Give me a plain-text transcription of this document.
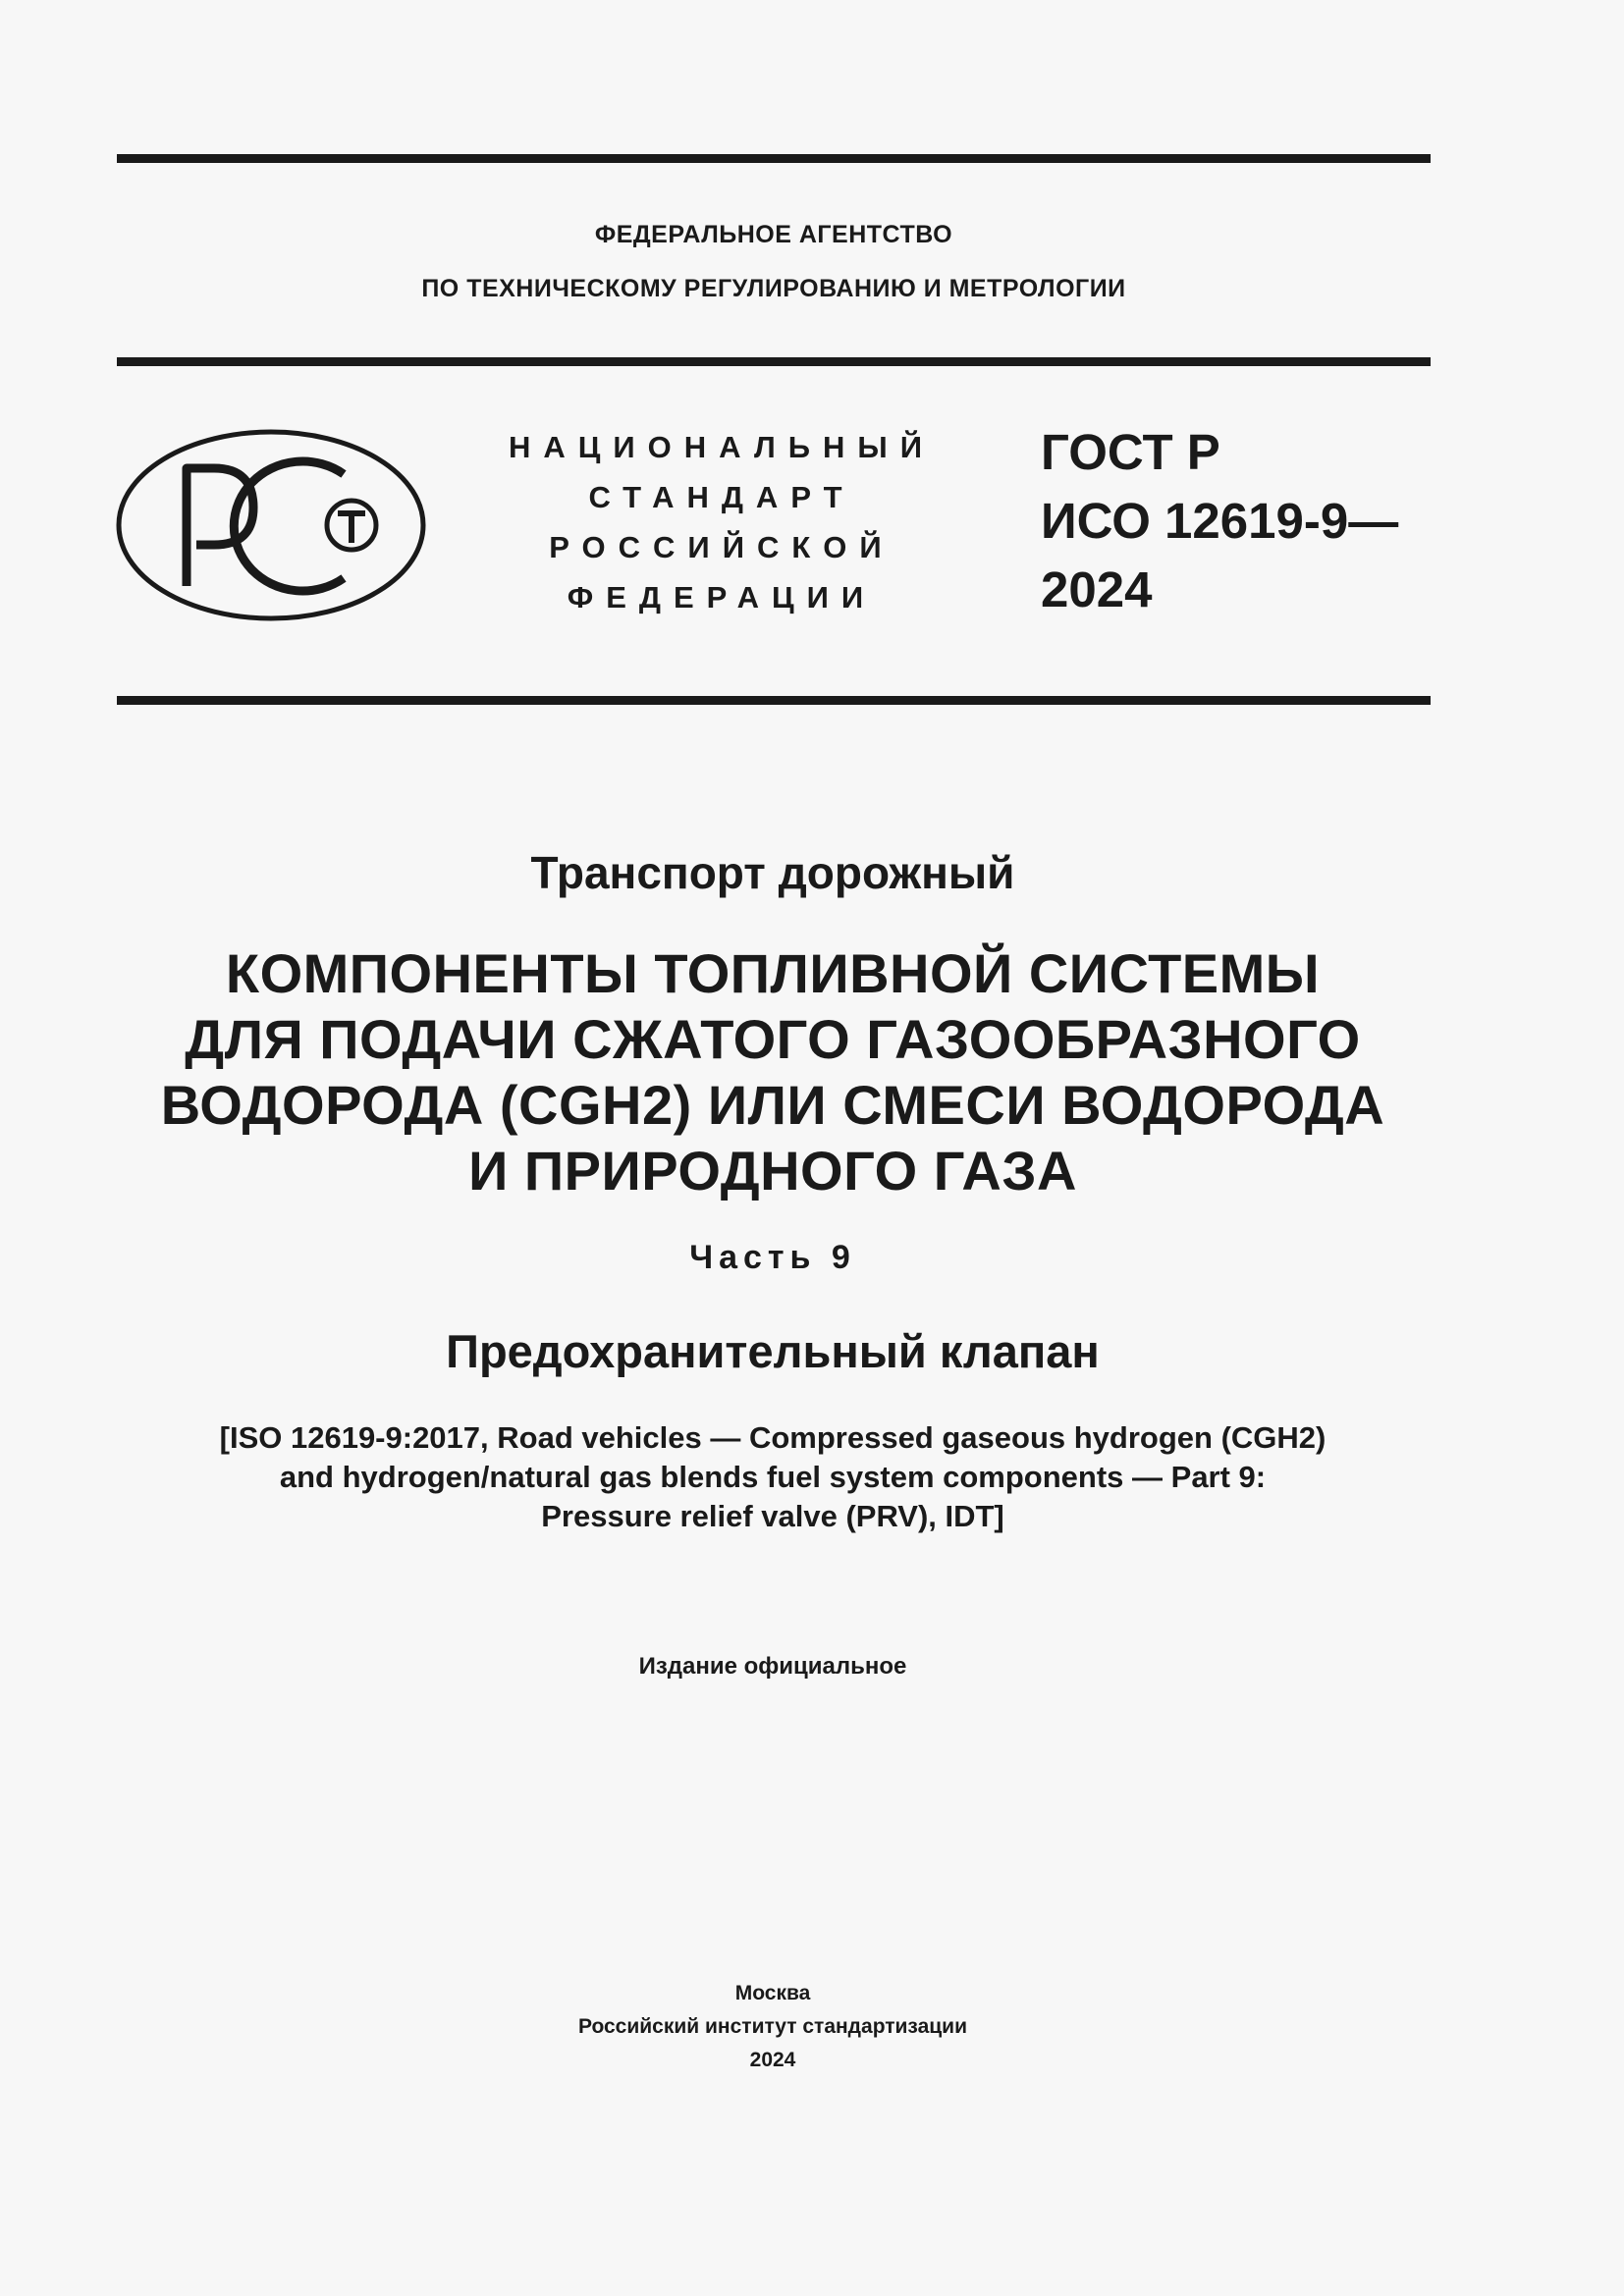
ФЕДЕРАЛЬНОЕ АГЕНТСТВО
ПО ТЕХНИЧЕСКОМУ РЕГУЛИРОВАНИЮ И МЕТРОЛОГИИ
НАЦИОНАЛЬНЫЙ
СТАНДАРТ
РОССИЙСКОЙ
ФЕДЕРАЦИИ
ГОСТ Р
ИСО 12619-9—
2024
Транспорт дорожный
КОМПОНЕНТЫ ТОПЛИВНОЙ СИСТЕМЫ
ДЛЯ ПОДАЧИ СЖАТОГО ГАЗООБРАЗНОГО
ВОДОРОДА (CGH2) ИЛИ СМЕСИ ВОДОРОДА
И ПРИРОДНОГО ГАЗА
Часть 9
Предохранительный клапан
[ISO 12619-9:2017, Road vehicles — Compressed gaseous hydrogen (CGH2)
and hydrogen/natural gas blends fuel system components — Part 9:
Pressure relief valve (PRV), IDT]
Издание официальное
Москва
Российский институт стандартизации
2024
